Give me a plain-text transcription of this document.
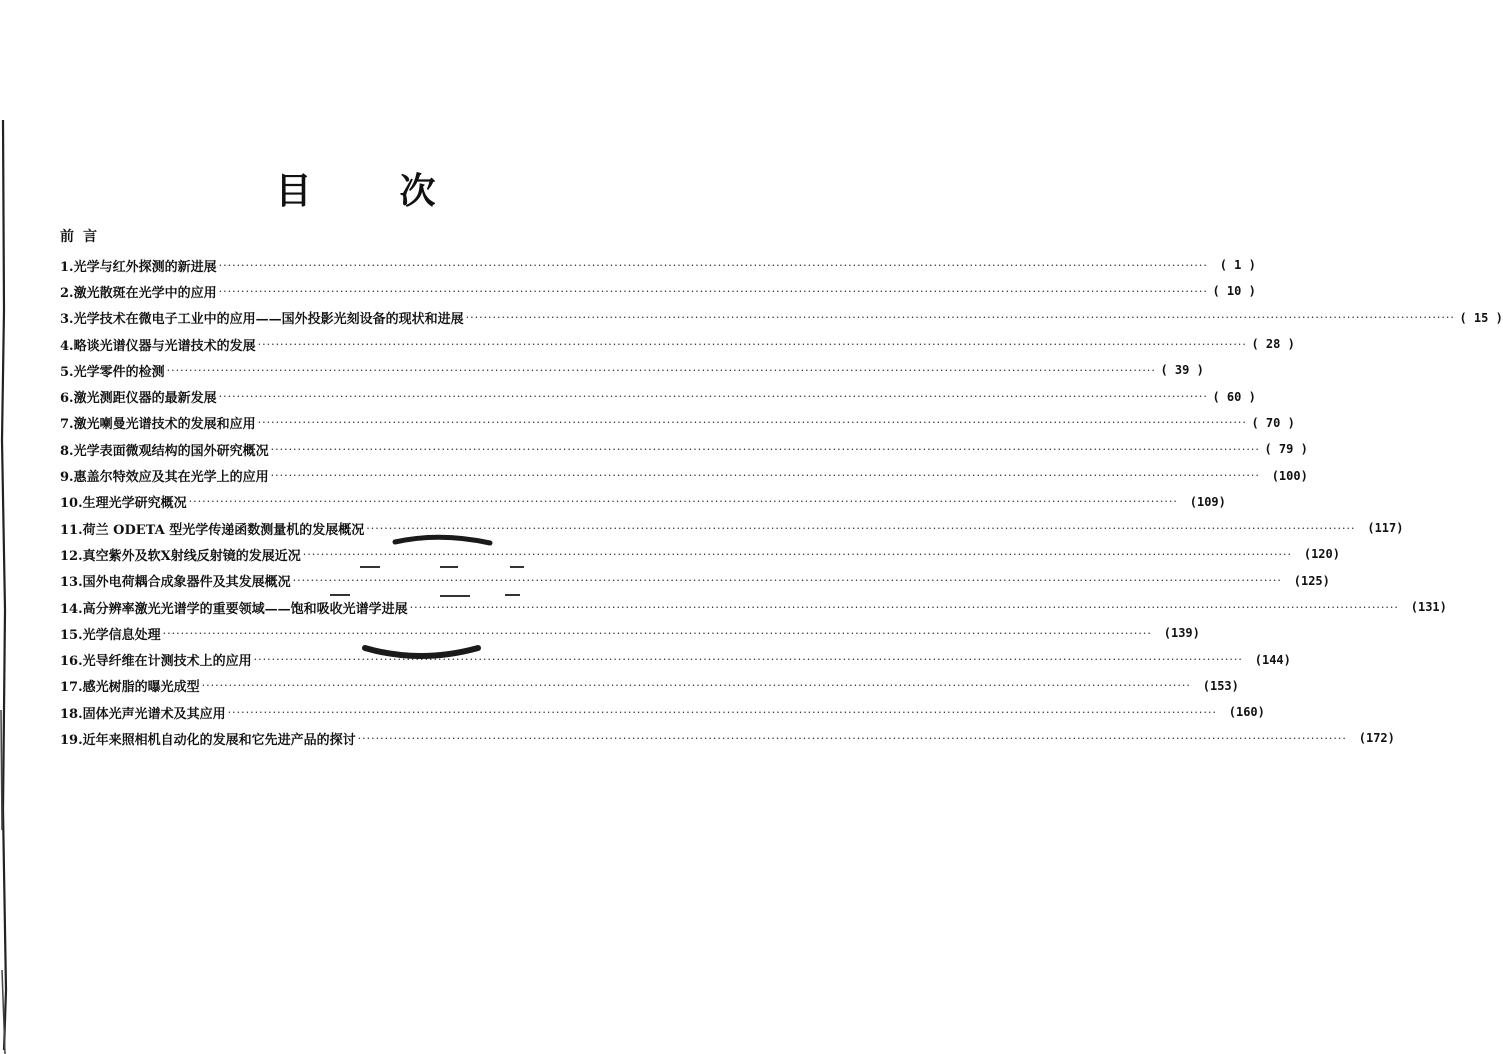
目 次
前言
1.光学与红外探测的新进展 ···························································································································································································································· ( 1 )
2.激光散斑在光学中的应用 ···························································································································································································································· ( 10 )
3.光学技术在微电子工业中的应用——国外投影光刻设备的现状和进展 ···························································································································································································································· ( 15 )
4.略谈光谱仪器与光谱技术的发展 ···························································································································································································································· ( 28 )
5.光学零件的检测 ···························································································································································································································· ( 39 )
6.激光测距仪器的最新发展 ···························································································································································································································· ( 60 )
7.激光喇曼光谱技术的发展和应用 ···························································································································································································································· ( 70 )
8.光学表面微观结构的国外研究概况 ···························································································································································································································· ( 79 )
9.惠盖尔特效应及其在光学上的应用 ···························································································································································································································· (100)
10.生理光学研究概况 ···························································································································································································································· (109)
11.荷兰 ODETA 型光学传递函数测量机的发展概况 ···························································································································································································································· (117)
12.真空紫外及软X射线反射镜的发展近况 ···························································································································································································································· (120)
13.国外电荷耦合成象器件及其发展概况 ···························································································································································································································· (125)
14.高分辨率激光光谱学的重要领域——饱和吸收光谱学进展 ···························································································································································································································· (131)
15.光学信息处理 ···························································································································································································································· (139)
16.光导纤维在计测技术上的应用 ···························································································································································································································· (144)
17.感光树脂的曝光成型 ···························································································································································································································· (153)
18.固体光声光谱术及其应用 ···························································································································································································································· (160)
19.近年来照相机自动化的发展和它先进产品的探讨 ···························································································································································································································· (172)
